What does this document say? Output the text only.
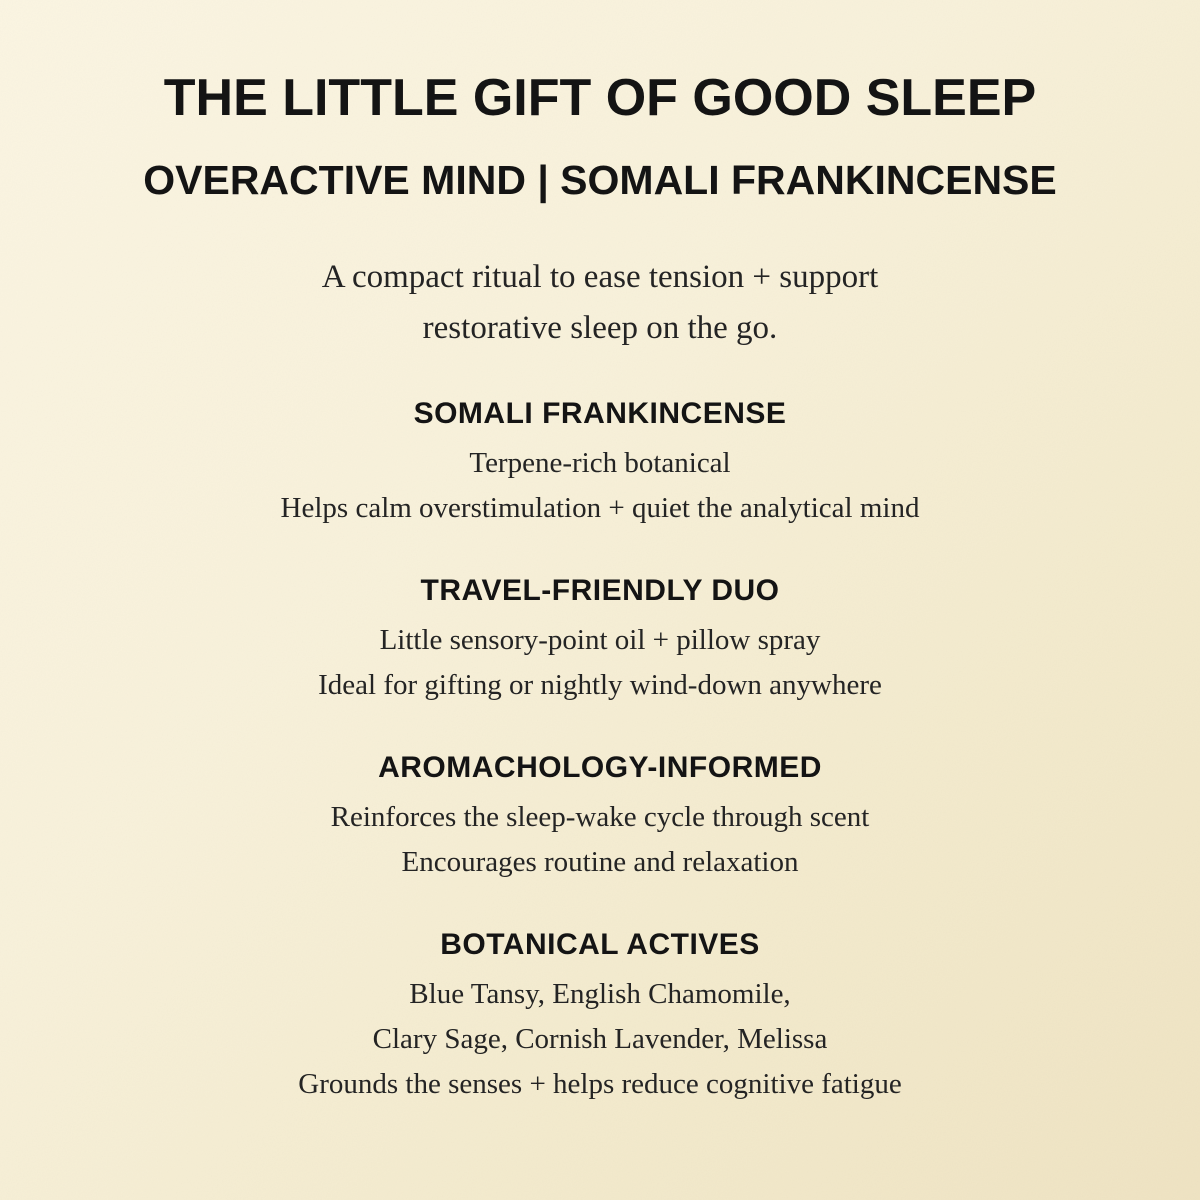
THE LITTLE GIFT OF GOOD SLEEP
OVERACTIVE MIND | SOMALI FRANKINCENSE
A compact ritual to ease tension + support
restorative sleep on the go.
SOMALI FRANKINCENSE
Terpene-rich botanical
Helps calm overstimulation + quiet the analytical mind
TRAVEL-FRIENDLY DUO
Little sensory-point oil + pillow spray
Ideal for gifting or nightly wind-down anywhere
AROMACHOLOGY-INFORMED
Reinforces the sleep-wake cycle through scent
Encourages routine and relaxation
BOTANICAL ACTIVES
Blue Tansy, English Chamomile,
Clary Sage, Cornish Lavender, Melissa
Grounds the senses + helps reduce cognitive fatigue
